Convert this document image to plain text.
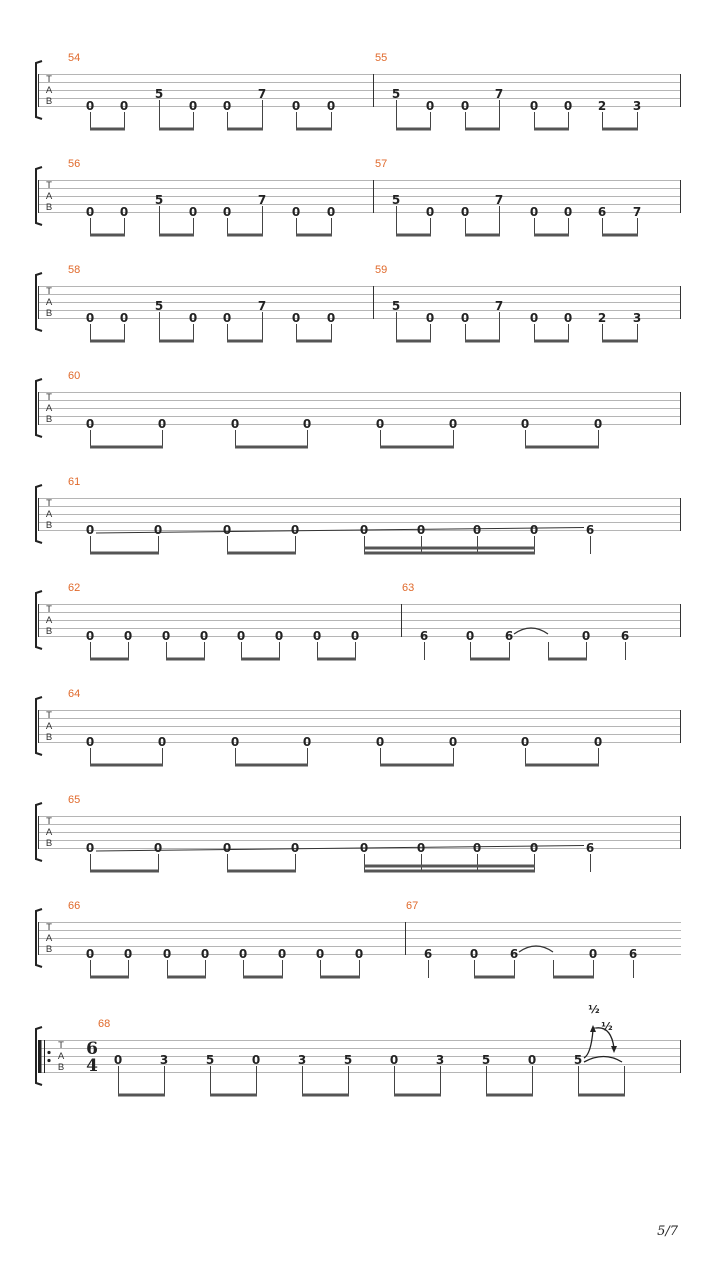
T
A
B
54	55
0 0
5
0 0
7
0 0
5
0 0
7
0 0 2 3
T
A
B
56	57
0 0
5
0 0
7
0 0
5
0 0
7
0 0 6 7
T
A
B
58	59
0 0
5
0 0
7
0 0
5
0 0
7
0 0 2 3
T
A
B
60
0	0	0	0	0	0	0	0
T
A
B
61
0	0	0	0	0	0	0	0	6
T
A
B
62	63
0 0 0 0 0 0 0 0	6	0	6	0	6
T
A
B
64
0	0	0	0	0	0	0	0
T
A
B
65
0	0	0	0	0	0	0	0	6
T
A
B
66	67
0 0	0 0 0	0 0	0	6	0	6	0	6
T
A
B
6
4
68
½
½
0	3	5	0	3	5	0	3	5	0	5
5/7
